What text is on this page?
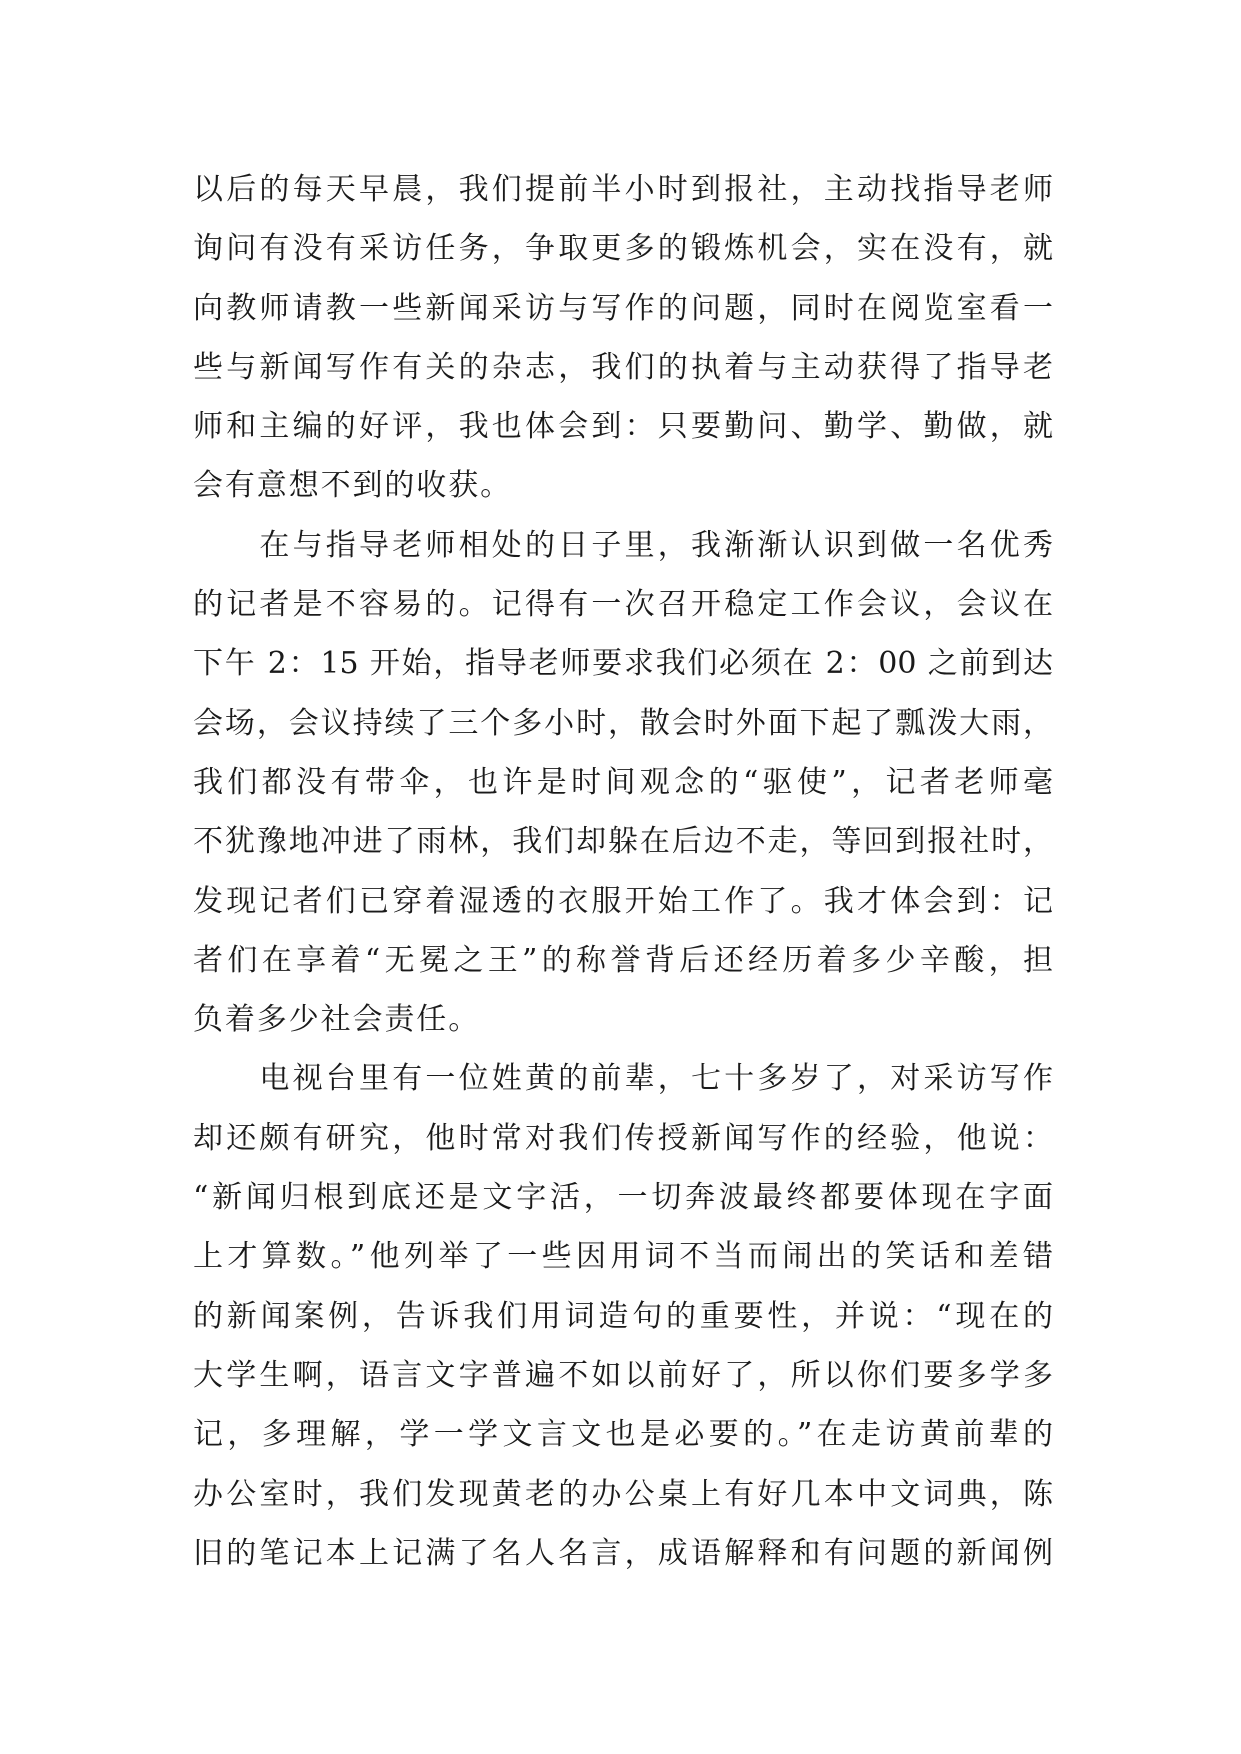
以后的每天早晨，我们提前半小时到报社，主动找指导老师
询问有没有采访任务，争取更多的锻炼机会，实在没有，就
向教师请教一些新闻采访与写作的问题，同时在阅览室看一
些与新闻写作有关的杂志，我们的执着与主动获得了指导老
师和主编的好评，我也体会到：只要勤问、勤学、勤做，就
会有意想不到的收获。
　　在与指导老师相处的日子里，我渐渐认识到做一名优秀
的记者是不容易的。记得有一次召开稳定工作会议，会议在
下午 2：15 开始，指导老师要求我们必须在 2：00 之前到达
会场，会议持续了三个多小时，散会时外面下起了瓢泼大雨，
我们都没有带伞，也许是时间观念的“驱使”，记者老师毫
不犹豫地冲进了雨林，我们却躲在后边不走，等回到报社时，
发现记者们已穿着湿透的衣服开始工作了。我才体会到：记
者们在享着“无冕之王”的称誉背后还经历着多少辛酸，担
负着多少社会责任。
　　电视台里有一位姓黄的前辈，七十多岁了，对采访写作
却还颇有研究，他时常对我们传授新闻写作的经验，他说：
“新闻归根到底还是文字活，一切奔波最终都要体现在字面
上才算数。”他列举了一些因用词不当而闹出的笑话和差错
的新闻案例，告诉我们用词造句的重要性，并说：“现在的
大学生啊，语言文字普遍不如以前好了，所以你们要多学多
记，多理解，学一学文言文也是必要的。”在走访黄前辈的
办公室时，我们发现黄老的办公桌上有好几本中文词典，陈
旧的笔记本上记满了名人名言，成语解释和有问题的新闻例
